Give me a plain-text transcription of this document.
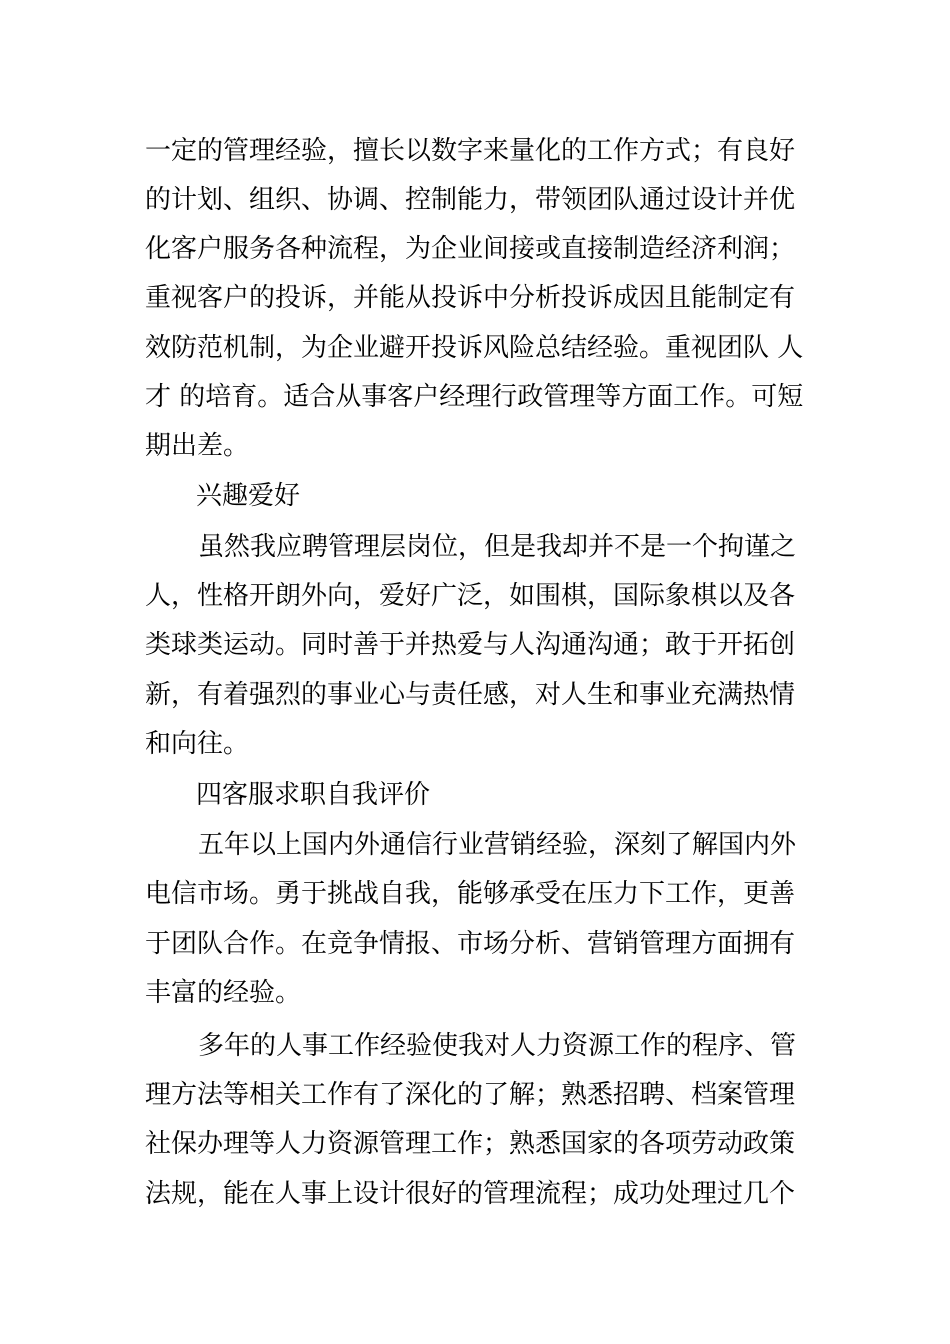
一定的管理经验，擅长以数字来量化的工作方式；有良好
的计划、组织、协调、控制能力，带领团队通过设计并优
化客户服务各种流程，为企业间接或直接制造经济利润；
重视客户的投诉，并能从投诉中分析投诉成因且能制定有
效防范机制，为企业避开投诉风险总结经验。重视团队 人
才 的培育。适合从事客户经理行政管理等方面工作。可短
期出差。
兴趣爱好
虽然我应聘管理层岗位，但是我却并不是一个拘谨之
人，性格开朗外向，爱好广泛，如围棋，国际象棋以及各
类球类运动。同时善于并热爱与人沟通沟通；敢于开拓创
新，有着强烈的事业心与责任感，对人生和事业充满热情
和向往。
四客服求职自我评价
五年以上国内外通信行业营销经验，深刻了解国内外
电信市场。勇于挑战自我，能够承受在压力下工作，更善
于团队合作。在竞争情报、市场分析、营销管理方面拥有
丰富的经验。
多年的人事工作经验使我对人力资源工作的程序、管
理方法等相关工作有了深化的了解；熟悉招聘、档案管理
社保办理等人力资源管理工作；熟悉国家的各项劳动政策
法规，能在人事上设计很好的管理流程；成功处理过几个
